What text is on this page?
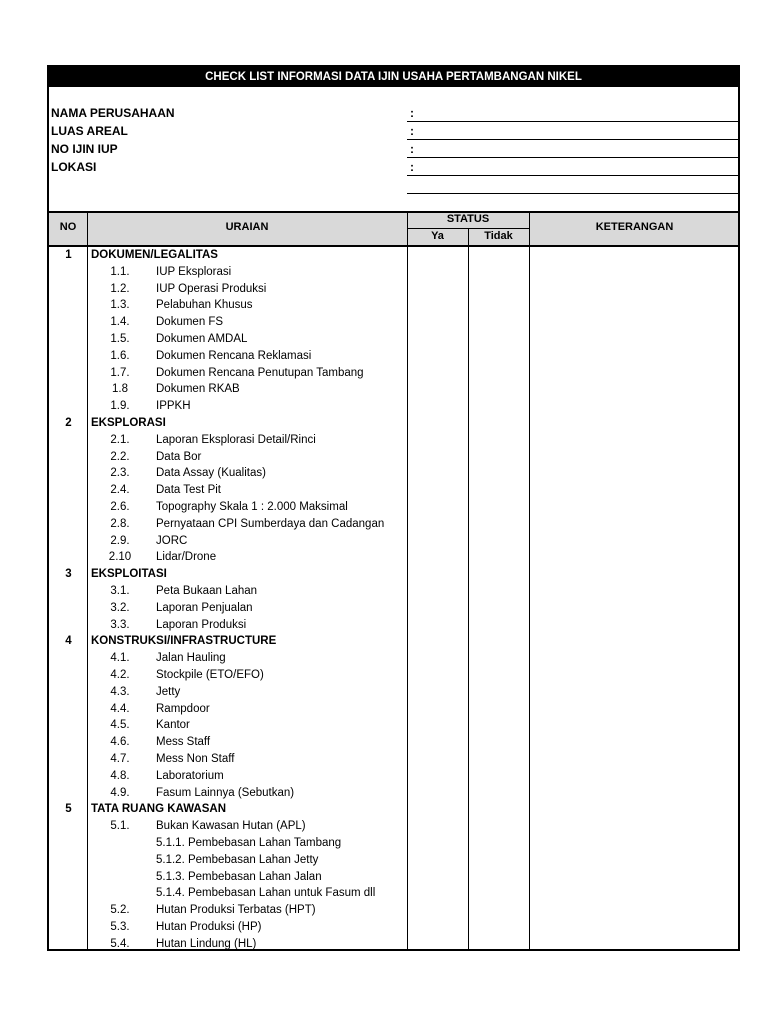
CHECK LIST INFORMASI DATA IJIN USAHA PERTAMBANGAN NIKEL
NAMA PERUSAHAAN	:
LUAS AREAL	:
NO IJIN IUP	:
LOKASI	:
NO	URAIAN
STATUS
Ya	Tidak
KETERANGAN
1	DOKUMEN/LEGALITAS
1.1.	IUP Eksplorasi
1.2.	IUP Operasi Produksi
1.3.	Pelabuhan Khusus
1.4.	Dokumen FS
1.5.	Dokumen AMDAL
1.6.	Dokumen Rencana Reklamasi
1.7.	Dokumen Rencana Penutupan Tambang
1.8	Dokumen RKAB
1.9.	IPPKH
2	EKSPLORASI
2.1.	Laporan Eksplorasi Detail/Rinci
2.2.	Data Bor
2.3.	Data Assay (Kualitas)
2.4.	Data Test Pit
2.6.	Topography Skala 1 : 2.000 Maksimal
2.8.	Pernyataan CPI Sumberdaya dan Cadangan
2.9.	JORC
2.10	Lidar/Drone
3	EKSPLOITASI
3.1.	Peta Bukaan Lahan
3.2.	Laporan Penjualan
3.3.	Laporan Produksi
4	KONSTRUKSI/INFRASTRUCTURE
4.1.	Jalan Hauling
4.2.	Stockpile (ETO/EFO)
4.3.	Jetty
4.4.	Rampdoor
4.5.	Kantor
4.6.	Mess Staff
4.7.	Mess Non Staff
4.8.	Laboratorium
4.9.	Fasum Lainnya (Sebutkan)
5	TATA RUANG KAWASAN
5.1.	Bukan Kawasan Hutan (APL)
5.1.1. Pembebasan Lahan Tambang
5.1.2. Pembebasan Lahan Jetty
5.1.3. Pembebasan Lahan Jalan
5.1.4. Pembebasan Lahan untuk Fasum dll
5.2.	Hutan Produksi Terbatas (HPT)
5.3.	Hutan Produksi (HP)
5.4.	Hutan Lindung (HL)
